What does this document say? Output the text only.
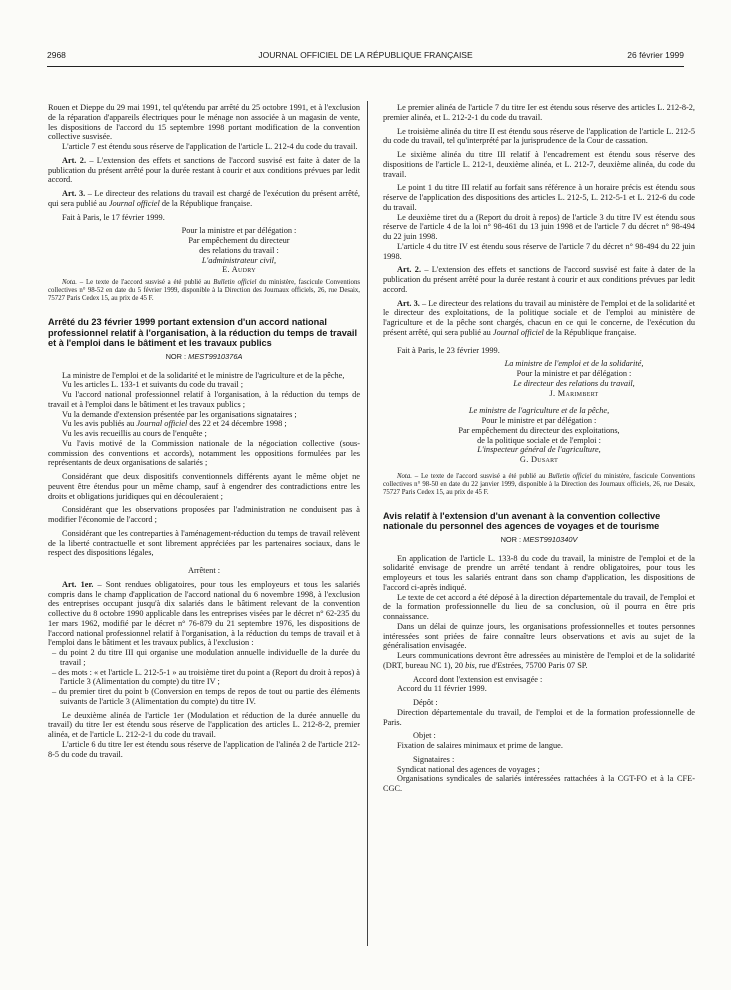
2968	JOURNAL OFFICIEL DE LA RÉPUBLIQUE FRANÇAISE	26 février 1999

Rouen et Dieppe du 29 mai 1991, tel qu'étendu par arrêté du 25 octobre 1991, et à l'exclusion de la réparation d'appareils électriques pour le ménage non associée à un magasin de vente, les dispositions de l'accord du 15 septembre 1998 portant modification de la convention collective susvisée.

L'article 7 est étendu sous réserve de l'application de l'article L. 212-4 du code du travail.

Art. 2. – L'extension des effets et sanctions de l'accord susvisé est faite à dater de la publication du présent arrêté pour la durée restant à courir et aux conditions prévues par ledit accord.

Art. 3. – Le directeur des relations du travail est chargé de l'exécution du présent arrêté, qui sera publié au Journal officiel de la République française.

Fait à Paris, le 17 février 1999.

Pour la ministre et par délégation :

Par empêchement du directeur

des relations du travail :

L'administrateur civil,

E. Audry

Nota. – Le texte de l'accord susvisé a été publié au Bulletin officiel du ministère, fascicule Conventions collectives n° 98-52 en date du 5 février 1999, disponible à la Direction des Journaux officiels, 26, rue Desaix, 75727 Paris Cedex 15, au prix de 45 F.

Arrêté du 23 février 1999 portant extension d'un accord national professionnel relatif à l'organisation, à la réduction du temps de travail et à l'emploi dans le bâtiment et les travaux publics

NOR : MESТ9910376A

La ministre de l'emploi et de la solidarité et le ministre de l'agriculture et de la pêche,

Vu les articles L. 133-1 et suivants du code du travail ;

Vu l'accord national professionnel relatif à l'organisation, à la réduction du temps de travail et à l'emploi dans le bâtiment et les travaux publics ;

Vu la demande d'extension présentée par les organisations signataires ;

Vu les avis publiés au Journal officiel des 22 et 24 décembre 1998 ;

Vu les avis recueillis au cours de l'enquête ;

Vu l'avis motivé de la Commission nationale de la négociation collective (sous-commission des conventions et accords), notamment les oppositions formulées par les représentants de deux organisations de salariés ;

Considérant que deux dispositifs conventionnels différents ayant le même objet ne peuvent être étendus pour un même champ, sauf à engendrer des contradictions entre les droits et obligations juridiques qui en découleraient ;

Considérant que les observations proposées par l'administration ne conduisent pas à modifier l'économie de l'accord ;

Considérant que les contreparties à l'aménagement-réduction du temps de travail relèvent de la liberté contractuelle et sont librement appréciées par les partenaires sociaux, dans le respect des dispositions légales,

Arrêtent :

Art. 1er. – Sont rendues obligatoires, pour tous les employeurs et tous les salariés compris dans le champ d'application de l'accord national du 6 novembre 1998, à l'exclusion des entreprises occupant jusqu'à dix salariés dans le bâtiment relevant de la convention collective du 8 octobre 1990 applicable dans les entreprises visées par le décret n° 62-235 du 1er mars 1962, modifié par le décret n° 76-879 du 21 septembre 1976, les dispositions de l'accord national professionnel relatif à l'organisation, à la réduction du temps de travail et à l'emploi dans le bâtiment et les travaux publics, à l'exclusion :

– du point 2 du titre III qui organise une modulation annuelle individuelle de la durée du travail ;

– des mots : « et l'article L. 212-5-1 » au troisième tiret du point a (Report du droit à repos) à l'article 3 (Alimentation du compte) du titre IV ;

– du premier tiret du point b (Conversion en temps de repos de tout ou partie des éléments suivants de l'article 3 (Alimentation du compte) du titre IV.

Le deuxième alinéa de l'article 1er (Modulation et réduction de la durée annuelle du travail) du titre Ier est étendu sous réserve de l'application des articles L. 212-8-2, premier alinéa, et de l'article L. 212-2-1 du code du travail.

L'article 6 du titre Ier est étendu sous réserve de l'application de l'alinéa 2 de l'article 212-8-5 du code du travail.

Le premier alinéa de l'article 7 du titre Ier est étendu sous réserve des articles L. 212-8-2, premier alinéa, et L. 212-2-1 du code du travail.

Le troisième alinéa du titre II est étendu sous réserve de l'application de l'article L. 212-5 du code du travail, tel qu'interprété par la jurisprudence de la Cour de cassation.

Le sixième alinéa du titre III relatif à l'encadrement est étendu sous réserve des dispositions de l'article L. 212-1, deuxième alinéa, et L. 212-7, deuxième alinéa, du code du travail.

Le point 1 du titre III relatif au forfait sans référence à un horaire précis est étendu sous réserve de l'application des dispositions des articles L. 212-5, L. 212-5-1 et L. 212-6 du code du travail.

Le deuxième tiret du a (Report du droit à repos) de l'article 3 du titre IV est étendu sous réserve de l'article 4 de la loi n° 98-461 du 13 juin 1998 et de l'article 7 du décret n° 98-494 du 22 juin 1998.

L'article 4 du titre IV est étendu sous réserve de l'article 7 du décret n° 98-494 du 22 juin 1998.

Art. 2. – L'extension des effets et sanctions de l'accord susvisé est faite à dater de la publication du présent arrêté pour la durée restant à courir et aux conditions prévues par ledit accord.

Art. 3. – Le directeur des relations du travail au ministère de l'emploi et de la solidarité et le directeur des exploitations, de la politique sociale et de l'emploi au ministère de l'agriculture et de la pêche sont chargés, chacun en ce qui le concerne, de l'exécution du présent arrêté, qui sera publié au Journal officiel de la République française.

Fait à Paris, le 23 février 1999.

La ministre de l'emploi et de la solidarité,

Pour la ministre et par délégation :

Le directeur des relations du travail,

J. Marimbert

Le ministre de l'agriculture et de la pêche,

Pour le ministre et par délégation :

Par empêchement du directeur des exploitations,

de la politique sociale et de l'emploi :

L'inspecteur général de l'agriculture,

G. Dusart

Nota. – Le texte de l'accord susvisé a été publié au Bulletin officiel du ministère, fascicule Conventions collectives n° 98-50 en date du 22 janvier 1999, disponible à la Direction des Journaux officiels, 26, rue Desaix, 75727 Paris Cedex 15, au prix de 45 F.

Avis relatif à l'extension d'un avenant à la convention collective nationale du personnel des agences de voyages et de tourisme

NOR : MEST9910340V

En application de l'article L. 133-8 du code du travail, la ministre de l'emploi et de la solidarité envisage de prendre un arrêté tendant à rendre obligatoires, pour tous les employeurs et tous les salariés entrant dans son champ d'application, les dispositions de l'accord ci-après indiqué.

Le texte de cet accord a été déposé à la direction départementale du travail, de l'emploi et de la formation professionnelle du lieu de sa conclusion, où il pourra en être pris connaissance.

Dans un délai de quinze jours, les organisations professionnelles et toutes personnes intéressées sont priées de faire connaître leurs observations et avis au sujet de la généralisation envisagée.

Leurs communications devront être adressées au ministère de l'emploi et de la solidarité (DRT, bureau NC 1), 20 bis, rue d'Estrées, 75700 Paris 07 SP.

Accord dont l'extension est envisagée :

Accord du 11 février 1999.

Dépôt :

Direction départementale du travail, de l'emploi et de la formation professionnelle de Paris.

Objet :

Fixation de salaires minimaux et prime de langue.

Signataires :

Syndicat national des agences de voyages ;

Organisations syndicales de salariés intéressées rattachées à la CGT-FO et à la CFE-CGC.
